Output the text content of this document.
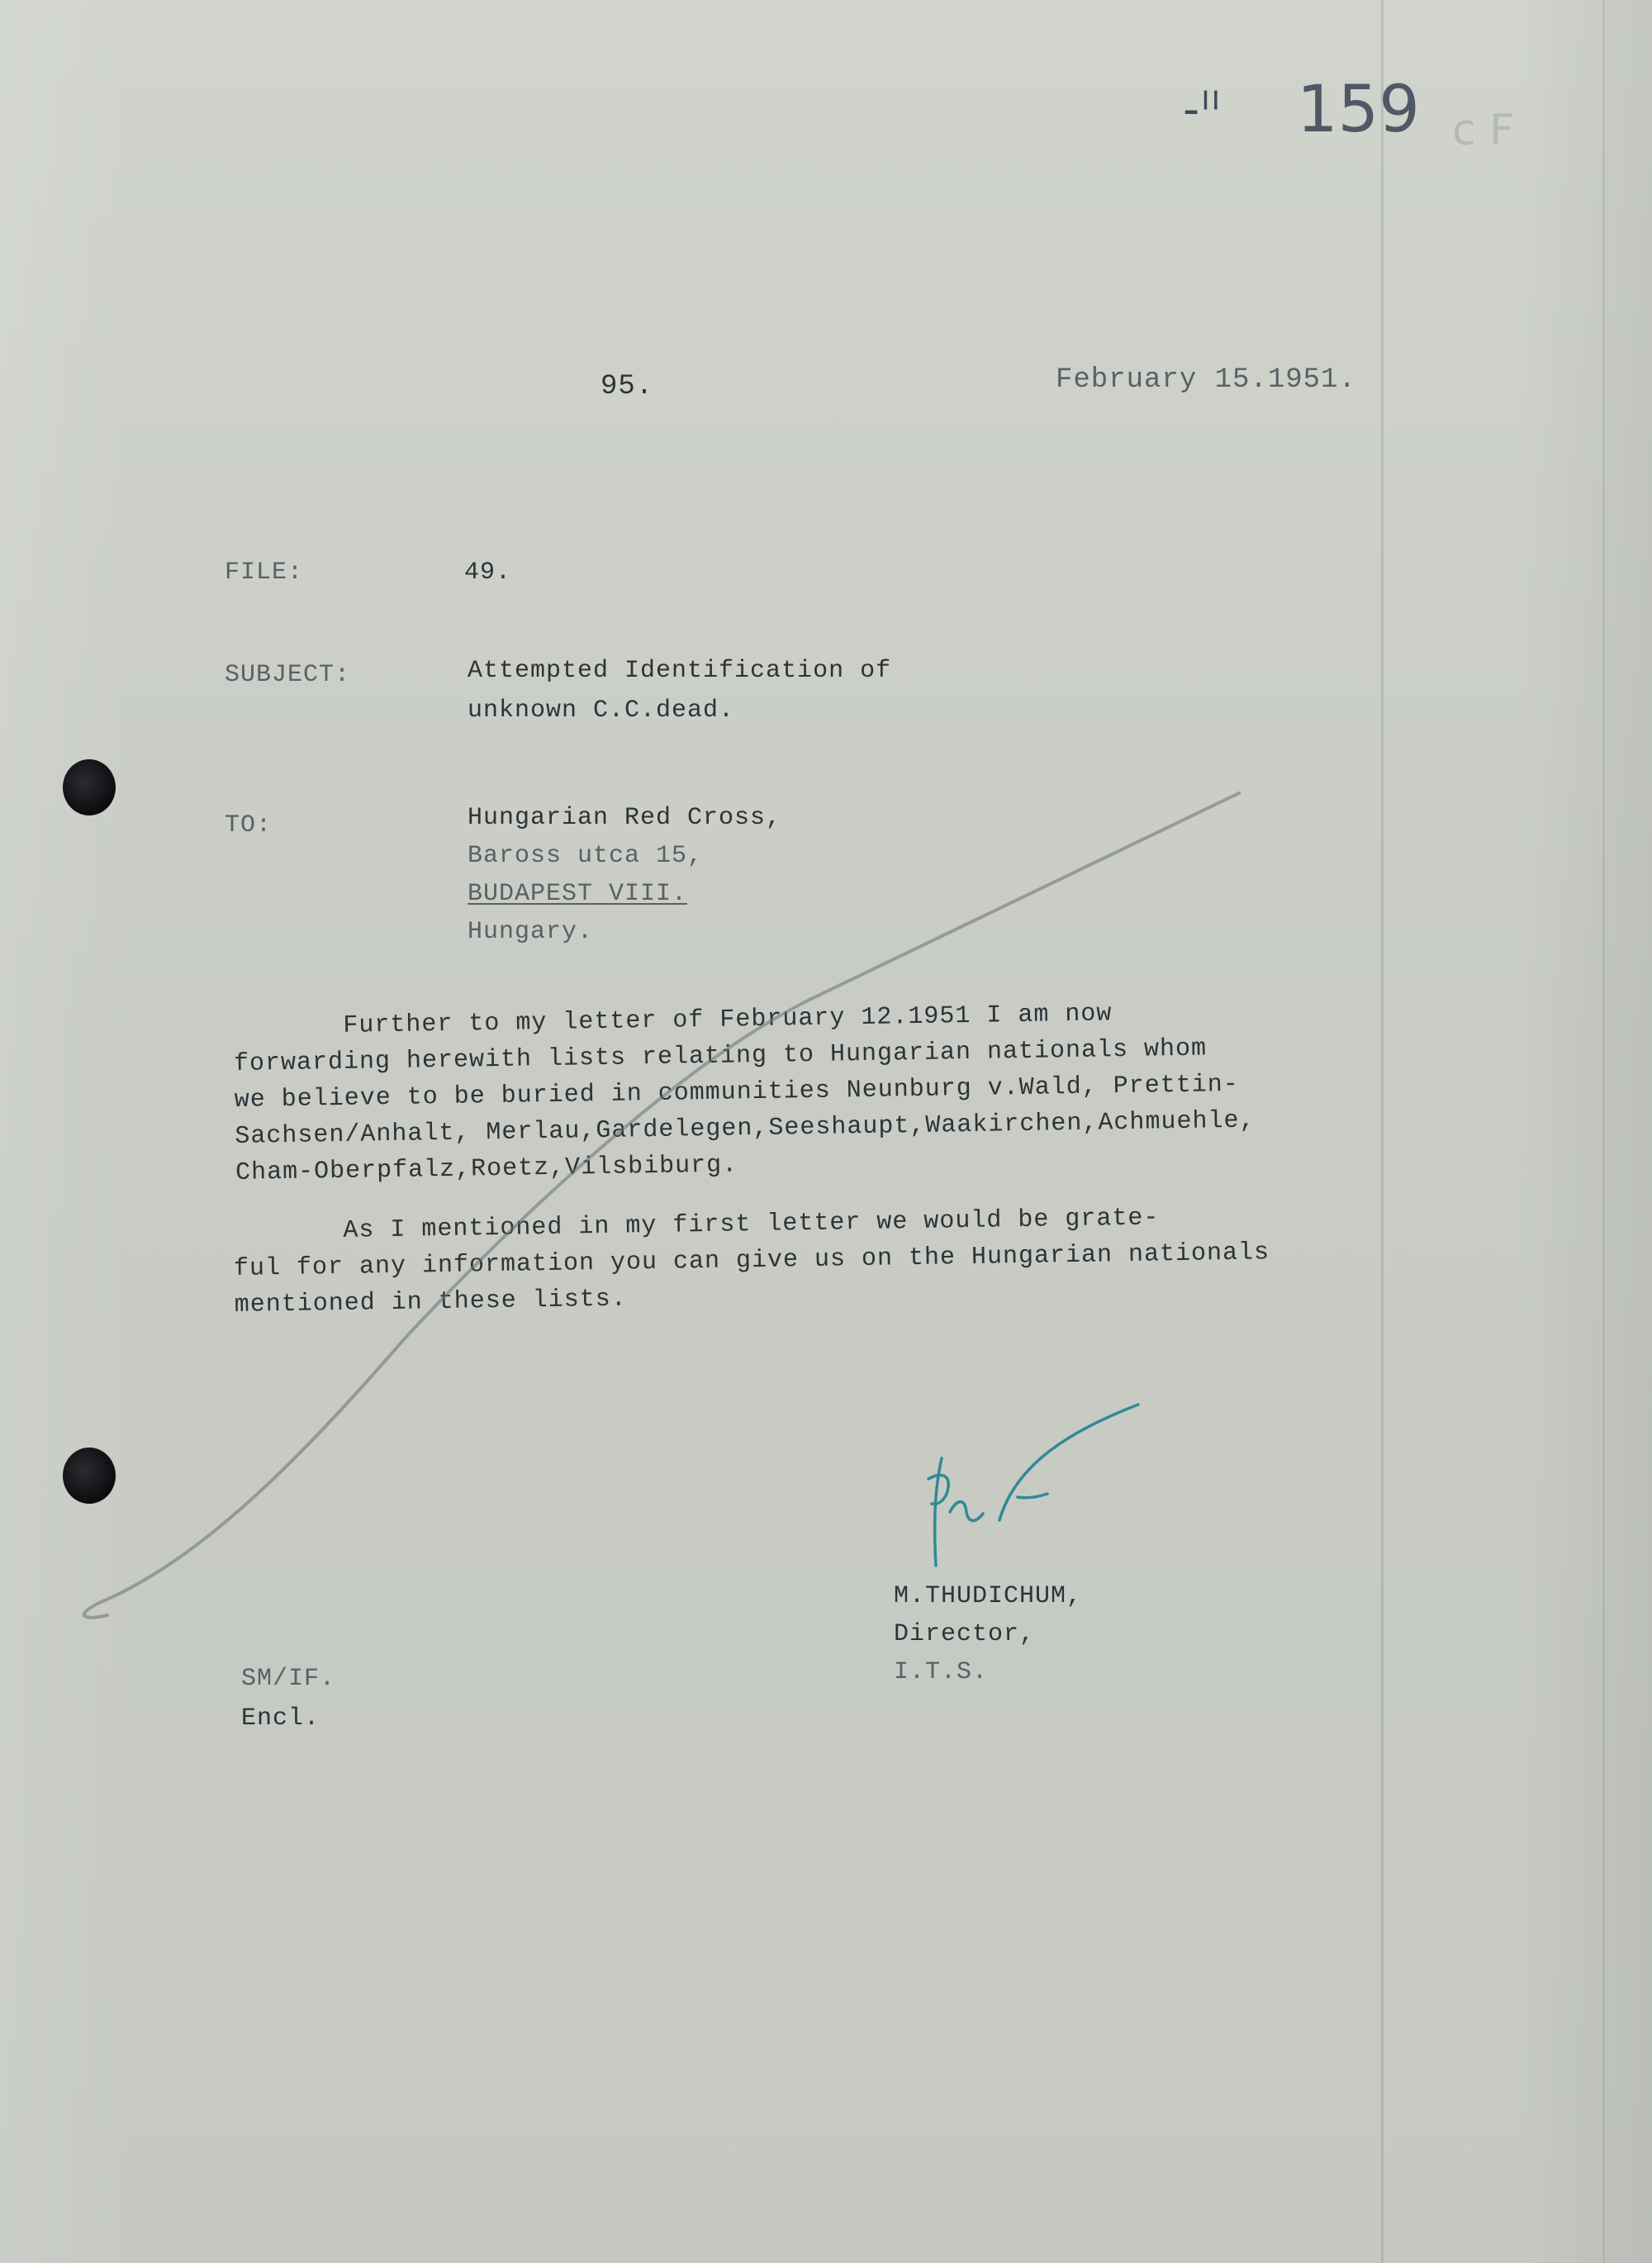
-ᴵᴵ 159 c F
95.	February 15.1951.
FILE:	49.
SUBJECT:	Attempted Identification of
unknown C.C.dead.
TO:	Hungarian Red Cross,
Baross utca 15,
BUDAPEST VIII.
Hungary.
Further to my letter of February 12.1951 I am now
forwarding herewith lists relating to Hungarian nationals whom
we believe to be buried in communities Neunburg v.Wald, Prettin-
Sachsen/Anhalt, Merlau,Gardelegen,Seeshaupt,Waakirchen,Achmuehle,
Cham-Oberpfalz,Roetz,Vilsbiburg.
As I mentioned in my first letter we would be grate-
ful for any information you can give us on the Hungarian nationals
mentioned in these lists.
M.THUDICHUM,
Director,
I.T.S.
SM/IF.
Encl.
